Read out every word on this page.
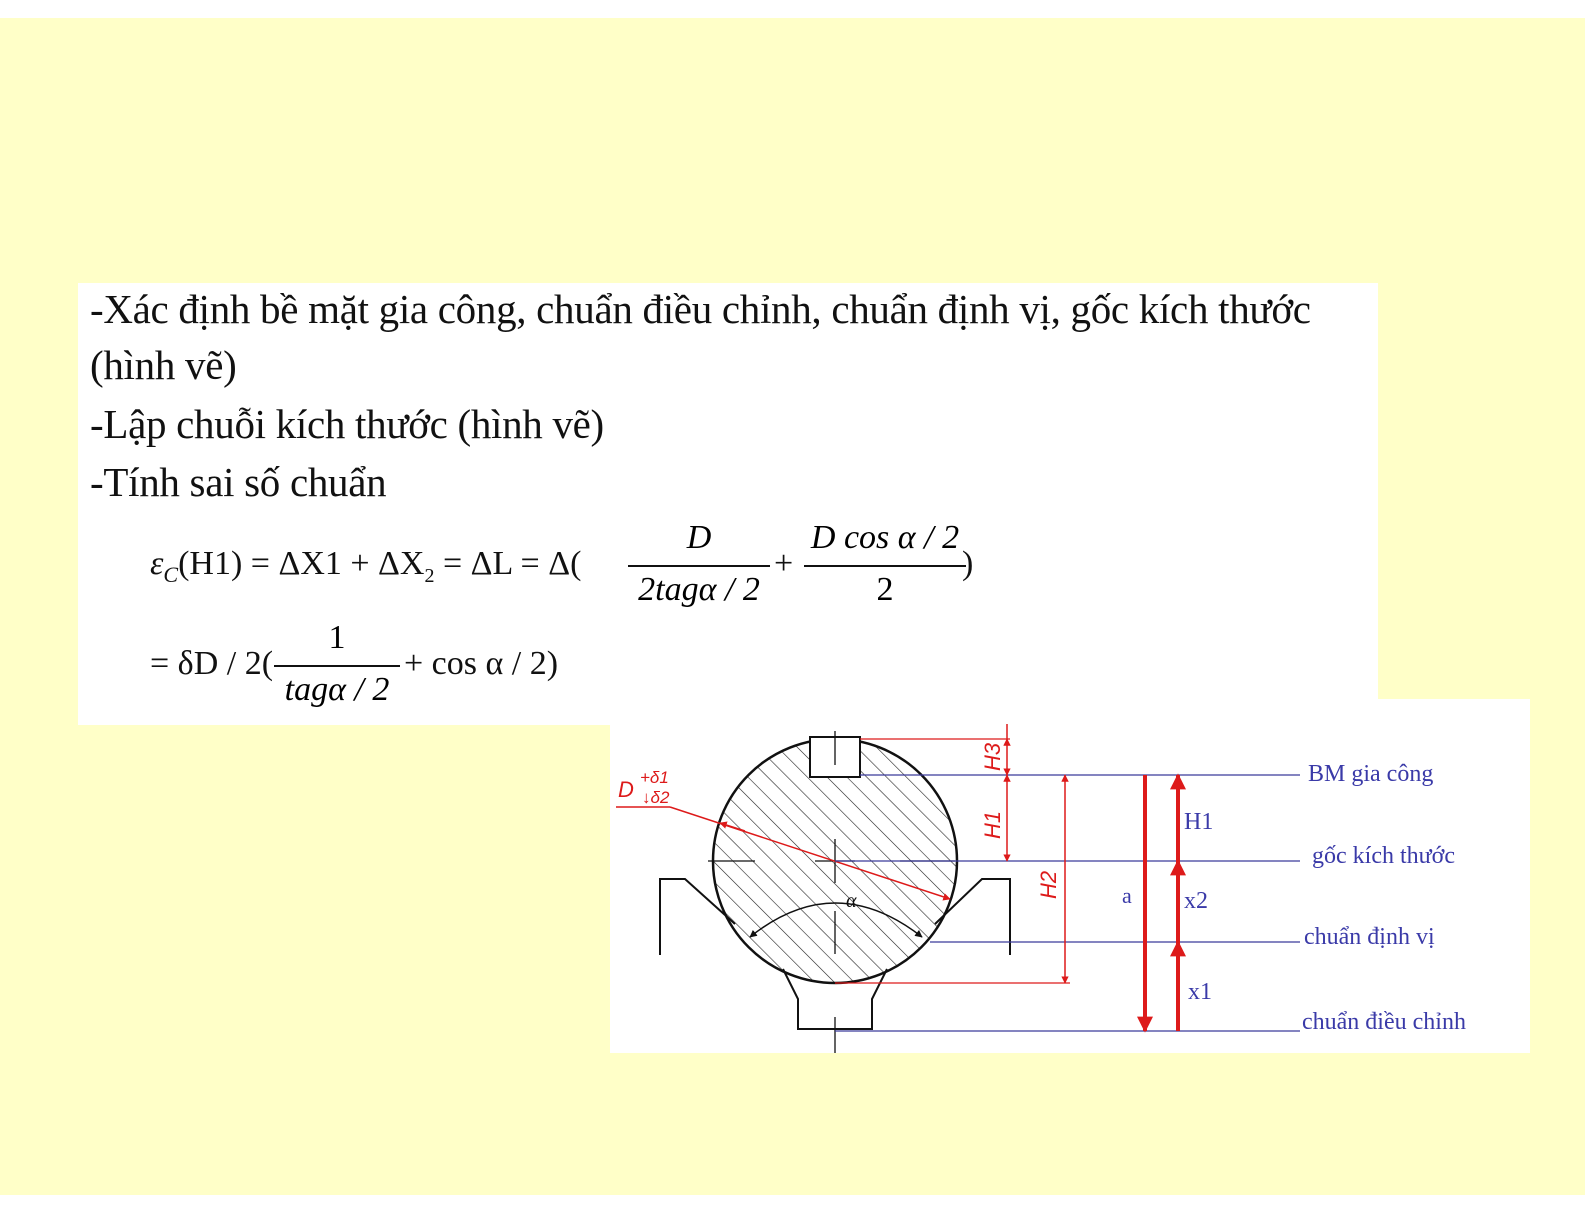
-Xác định bề mặt gia công, chuẩn điều chỉnh, chuẩn định vị, gốc kích thước
(hình vẽ)
-Lập chuỗi kích thước (hình vẽ)
-Tính sai số chuẩn
$\varepsilon_C(H1) = \Delta X1 + \Delta X_2 = \Delta L = \Delta$(
D
2tagα / 2
+
D cos α / 2
2
)
= δD / 2(
1
tagα / 2
+ cos α / 2)
α
D +δ1
↓δ2
H3
H1
H2	a
H1
x2
x1
BM gia công
gốc kích thước
chuẩn định vị
chuẩn điều chỉnh
